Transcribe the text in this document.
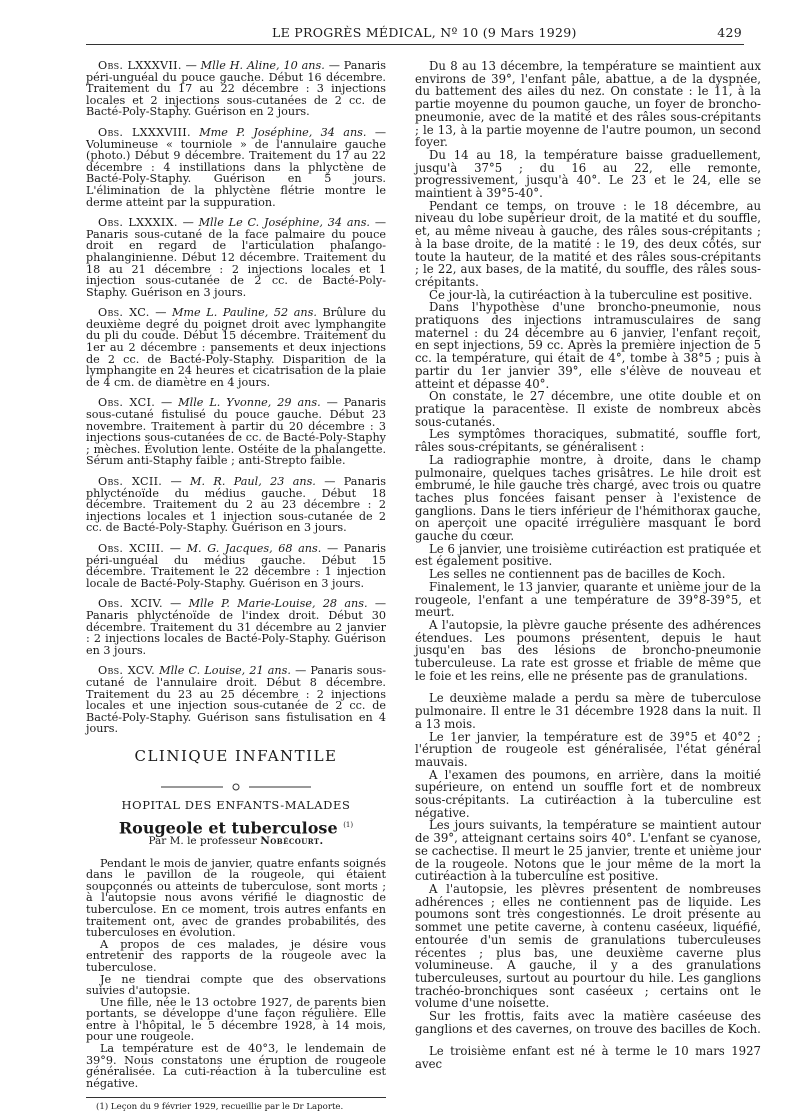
LE PROGRÈS MÉDICAL, Nº 10 (9 Mars 1929)	429

Obs. LXXXVII. — Mlle H. Aline, 10 ans. — Panaris péri-unguéal du pouce gauche. Début 16 décembre. Traitement du 17 au 22 décembre : 3 injections locales et 2 injections sous-cutanées de 2 cc. de Bacté-Poly-Staphy. Guérison en 2 jours.

Obs. LXXXVIII. Mme P. Joséphine, 34 ans. — Volumineuse « tourniole » de l'annulaire gauche (photo.) Début 9 décembre. Traitement du 17 au 22 décembre : 4 instillations dans la phlyctène de Bacté-Poly-Staphy. Guérison en 5 jours. L'élimination de la phlyctène flétrie montre le derme atteint par la suppuration.

Obs. LXXXIX. — Mlle Le C. Joséphine, 34 ans. — Panaris sous-cutané de la face palmaire du pouce droit en regard de l'articulation phalango-phalanginienne. Début 12 décembre. Traitement du 18 au 21 décembre : 2 injections locales et 1 injection sous-cutanée de 2 cc. de Bacté-Poly-Staphy. Guérison en 3 jours.

Obs. XC. — Mme L. Pauline, 52 ans. Brûlure du deuxième degré du poignet droit avec lymphangite du pli du coude. Début 15 décembre. Traitement du 1er au 2 décembre : pansements et deux injections de 2 cc. de Bacté-Poly-Staphy. Disparition de la lymphangite en 24 heures et cicatrisation de la plaie de 4 cm. de diamètre en 4 jours.

Obs. XCI. — Mlle L. Yvonne, 29 ans. — Panaris sous-cutané fistulisé du pouce gauche. Début 23 novembre. Traitement à partir du 20 décembre : 3 injections sous-cutanées de cc. de Bacté-Poly-Staphy ; mèches. Évolution lente. Ostéite de la phalangette. Sérum anti-Staphy faible ; anti-Strepto faible.

Obs. XCII. — M. R. Paul, 23 ans. — Panaris phlycténoïde du médius gauche. Début 18 décembre. Traitement du 2 au 23 décembre : 2 injections locales et 1 injection sous-cutanée de 2 cc. de Bacté-Poly-Staphy. Guérison en 3 jours.

Obs. XCIII. — M. G. Jacques, 68 ans. — Panaris péri-unguéal du médius gauche. Début 15 décembre. Traitement le 22 décembre : 1 injection locale de Bacté-Poly-Staphy. Guérison en 3 jours.

Obs. XCIV. — Mlle P. Marie-Louise, 28 ans. — Panaris phlycténoïde de l'index droit. Début 30 décembre. Traitement du 31 décembre au 2 janvier : 2 injections locales de Bacté-Poly-Staphy. Guérison en 3 jours.

Obs. XCV. Mlle C. Louise, 21 ans. — Panaris sous-cutané de l'annulaire droit. Début 8 décembre. Traitement du 23 au 25 décembre : 2 injections locales et une injection sous-cutanée de 2 cc. de Bacté-Poly-Staphy. Guérison sans fistulisation en 4 jours.

CLINIQUE INFANTILE
HOPITAL DES ENFANTS-MALADES
Rougeole et tuberculose $^{(1)}$
Par M. le professeur Nobécourt.

Pendant le mois de janvier, quatre enfants soignés dans le pavillon de la rougeole, qui étaient soupçonnés ou atteints de tuberculose, sont morts ; à l'autopsie nous avons vérifié le diagnostic de tuberculose. En ce moment, trois autres enfants en traitement ont, avec de grandes probabilités, des tuberculoses en évolution.

A propos de ces malades, je désire vous entretenir des rapports de la rougeole avec la tuberculose.

Je ne tiendrai compte que des observations suivies d'autopsie.

Une fille, née le 13 octobre 1927, de parents bien portants, se développe d'une façon régulière. Elle entre à l'hôpital, le 5 décembre 1928, à 14 mois, pour une rougeole.

La température est de 40°3, le lendemain de 39°9. Nous constatons une éruption de rougeole généralisée. La cuti-réaction à la tuberculine est négative.

(1) Leçon du 9 février 1929, recueillie par le Dr Laporte.

Du 8 au 13 décembre, la température se maintient aux environs de 39°, l'enfant pâle, abattue, a de la dyspnée, du battement des ailes du nez. On constate : le 11, à la partie moyenne du poumon gauche, un foyer de broncho-pneumonie, avec de la matité et des râles sous-crépitants ; le 13, à la partie moyenne de l'autre poumon, un second foyer.

Du 14 au 18, la température baisse graduellement, jusqu'à 37°5 ; du 16 au 22, elle remonte, progressivement, jusqu'à 40°. Le 23 et le 24, elle se maintient à 39°5-40°.

Pendant ce temps, on trouve : le 18 décembre, au niveau du lobe supérieur droit, de la matité et du souffle, et, au même niveau à gauche, des râles sous-crépitants ; à la base droite, de la matité : le 19, des deux côtés, sur toute la hauteur, de la matité et des râles sous-crépitants ; le 22, aux bases, de la matité, du souffle, des râles sous-crépitants.

Ce jour-là, la cutiréaction à la tuberculine est positive.

Dans l'hypothèse d'une broncho-pneumonie, nous pratiquons des injections intramusculaires de sang maternel : du 24 décembre au 6 janvier, l'enfant reçoit, en sept injections, 59 cc. Après la première injection de 5 cc. la température, qui était de 4°, tombe à 38°5 ; puis à partir du 1er janvier 39°, elle s'élève de nouveau et atteint et dépasse 40°.

On constate, le 27 décembre, une otite double et on pratique la paracentèse. Il existe de nombreux abcès sous-cutanés.

Les symptômes thoraciques, submatité, souffle fort, râles sous-crépitants, se généralisent :

La radiographie montre, à droite, dans le champ pulmonaire, quelques taches grisâtres. Le hile droit est embrumé, le hile gauche très chargé, avec trois ou quatre taches plus foncées faisant penser à l'existence de ganglions. Dans le tiers inférieur de l'hémithorax gauche, on aperçoit une opacité irrégulière masquant le bord gauche du cœur.

Le 6 janvier, une troisième cutiréaction est pratiquée et est également positive.

Les selles ne contiennent pas de bacilles de Koch.

Finalement, le 13 janvier, quarante et unième jour de la rougeole, l'enfant a une température de 39°8-39°5, et meurt.

A l'autopsie, la plèvre gauche présente des adhérences étendues. Les poumons présentent, depuis le haut jusqu'en bas des lésions de broncho-pneumonie tuberculeuse. La rate est grosse et friable de même que le foie et les reins, elle ne présente pas de granulations.

Le deuxième malade a perdu sa mère de tuberculose pulmonaire. Il entre le 31 décembre 1928 dans la nuit. Il a 13 mois.

Le 1er janvier, la température est de 39°5 et 40°2 ; l'éruption de rougeole est généralisée, l'état général mauvais.

A l'examen des poumons, en arrière, dans la moitié supérieure, on entend un souffle fort et de nombreux sous-crépitants. La cutiréaction à la tuberculine est négative.

Les jours suivants, la température se maintient autour de 39°, atteignant certains soirs 40°. L'enfant se cyanose, se cachectise. Il meurt le 25 janvier, trente et unième jour de la rougeole. Notons que le jour même de la mort la cutiréaction à la tuberculine est positive.

A l'autopsie, les plèvres présentent de nombreuses adhérences ; elles ne contiennent pas de liquide. Les poumons sont très congestionnés. Le droit présente au sommet une petite caverne, à contenu caséeux, liquéfié, entourée d'un semis de granulations tuberculeuses récentes ; plus bas, une deuxième caverne plus volumineuse. A gauche, il y a des granulations tuberculeuses, surtout au pourtour du hile. Les ganglions trachéo-bronchiques sont caséeux ; certains ont le volume d'une noisette.

Sur les frottis, faits avec la matière caséeuse des ganglions et des cavernes, on trouve des bacilles de Koch.

Le troisième enfant est né à terme le 10 mars 1927 avec
